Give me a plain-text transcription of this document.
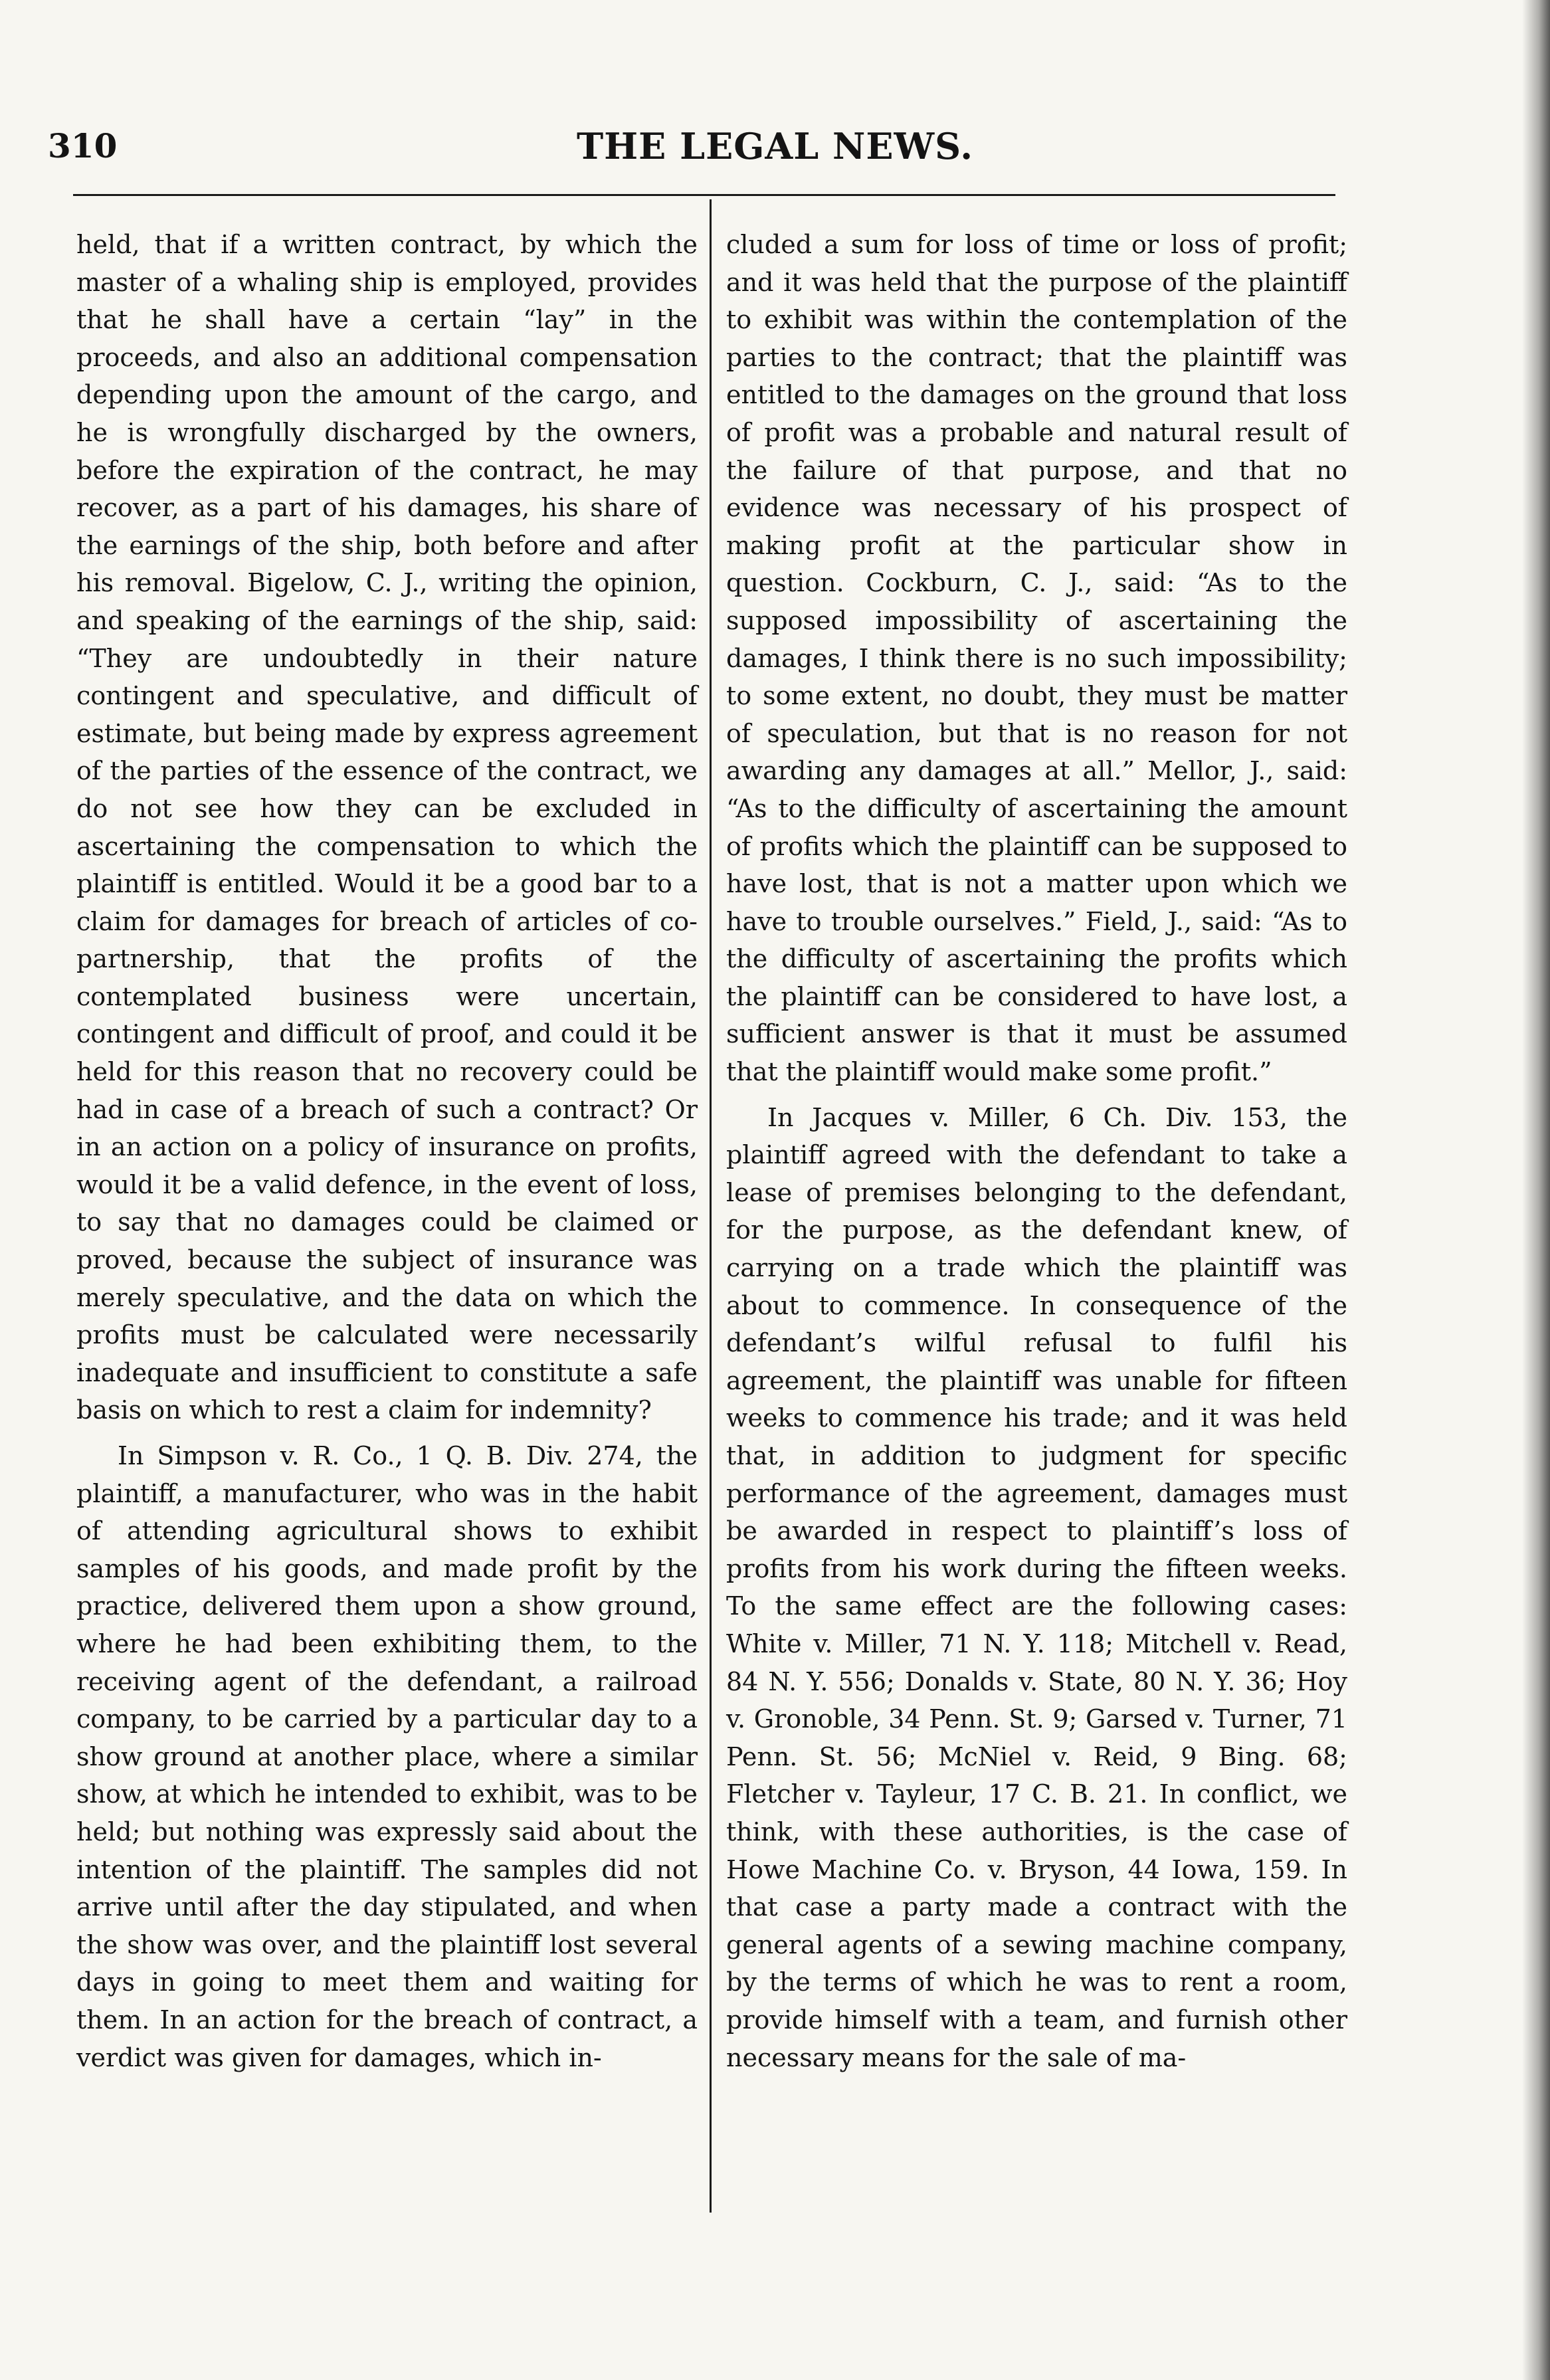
310	THE LEGAL NEWS.

held, that if a written contract, by which the master of a whaling ship is employed, provides that he shall have a certain “lay” in the proceeds, and also an additional compensation depending upon the amount of the cargo, and he is wrongfully discharged by the owners, before the expiration of the contract, he may recover, as a part of his damages, his share of the earnings of the ship, both before and after his removal. Bigelow, C. J., writing the opinion, and speaking of the earnings of the ship, said: “They are undoubtedly in their nature contingent and speculative, and difficult of estimate, but being made by express agreement of the parties of the essence of the contract, we do not see how they can be excluded in ascertaining the compensation to which the plaintiff is entitled. Would it be a good bar to a claim for damages for breach of articles of co-partnership, that the profits of the contemplated business were uncertain, contingent and difficult of proof, and could it be held for this reason that no recovery could be had in case of a breach of such a contract? Or in an action on a policy of insurance on profits, would it be a valid defence, in the event of loss, to say that no damages could be claimed or proved, because the subject of insurance was merely speculative, and the data on which the profits must be calculated were necessarily inadequate and insufficient to constitute a safe basis on which to rest a claim for indemnity?

In Simpson v. R. Co., 1 Q. B. Div. 274, the plaintiff, a manufacturer, who was in the habit of attending agricultural shows to exhibit samples of his goods, and made profit by the practice, delivered them upon a show ground, where he had been exhibiting them, to the receiving agent of the defendant, a railroad company, to be carried by a particular day to a show ground at another place, where a similar show, at which he intended to exhibit, was to be held; but nothing was expressly said about the intention of the plaintiff. The samples did not arrive until after the day stipulated, and when the show was over, and the plaintiff lost several days in going to meet them and waiting for them. In an action for the breach of contract, a verdict was given for damages, which in-

cluded a sum for loss of time or loss of profit; and it was held that the purpose of the plaintiff to exhibit was within the contemplation of the parties to the contract; that the plaintiff was entitled to the damages on the ground that loss of profit was a probable and natural result of the failure of that purpose, and that no evidence was necessary of his prospect of making profit at the particular show in question. Cockburn, C. J., said: “As to the supposed impossibility of ascertaining the damages, I think there is no such impossibility; to some extent, no doubt, they must be matter of speculation, but that is no reason for not awarding any damages at all.” Mellor, J., said: “As to the difficulty of ascertaining the amount of profits which the plaintiff can be supposed to have lost, that is not a matter upon which we have to trouble ourselves.” Field, J., said: “As to the difficulty of ascertaining the profits which the plaintiff can be considered to have lost, a sufficient answer is that it must be assumed that the plaintiff would make some profit.”

In Jacques v. Miller, 6 Ch. Div. 153, the plaintiff agreed with the defendant to take a lease of premises belonging to the defendant, for the purpose, as the defendant knew, of carrying on a trade which the plaintiff was about to commence. In consequence of the defendant’s wilful refusal to fulfil his agreement, the plaintiff was unable for fifteen weeks to commence his trade; and it was held that, in addition to judgment for specific performance of the agreement, damages must be awarded in respect to plaintiff’s loss of profits from his work during the fifteen weeks. To the same effect are the following cases: White v. Miller, 71 N. Y. 118; Mitchell v. Read, 84 N. Y. 556; Donalds v. State, 80 N. Y. 36; Hoy v. Gronoble, 34 Penn. St. 9; Garsed v. Turner, 71 Penn. St. 56; McNiel v. Reid, 9 Bing. 68; Fletcher v. Tayleur, 17 C. B. 21. In conflict, we think, with these authorities, is the case of Howe Machine Co. v. Bryson, 44 Iowa, 159. In that case a party made a contract with the general agents of a sewing machine company, by the terms of which he was to rent a room, provide himself with a team, and furnish other necessary means for the sale of ma-
